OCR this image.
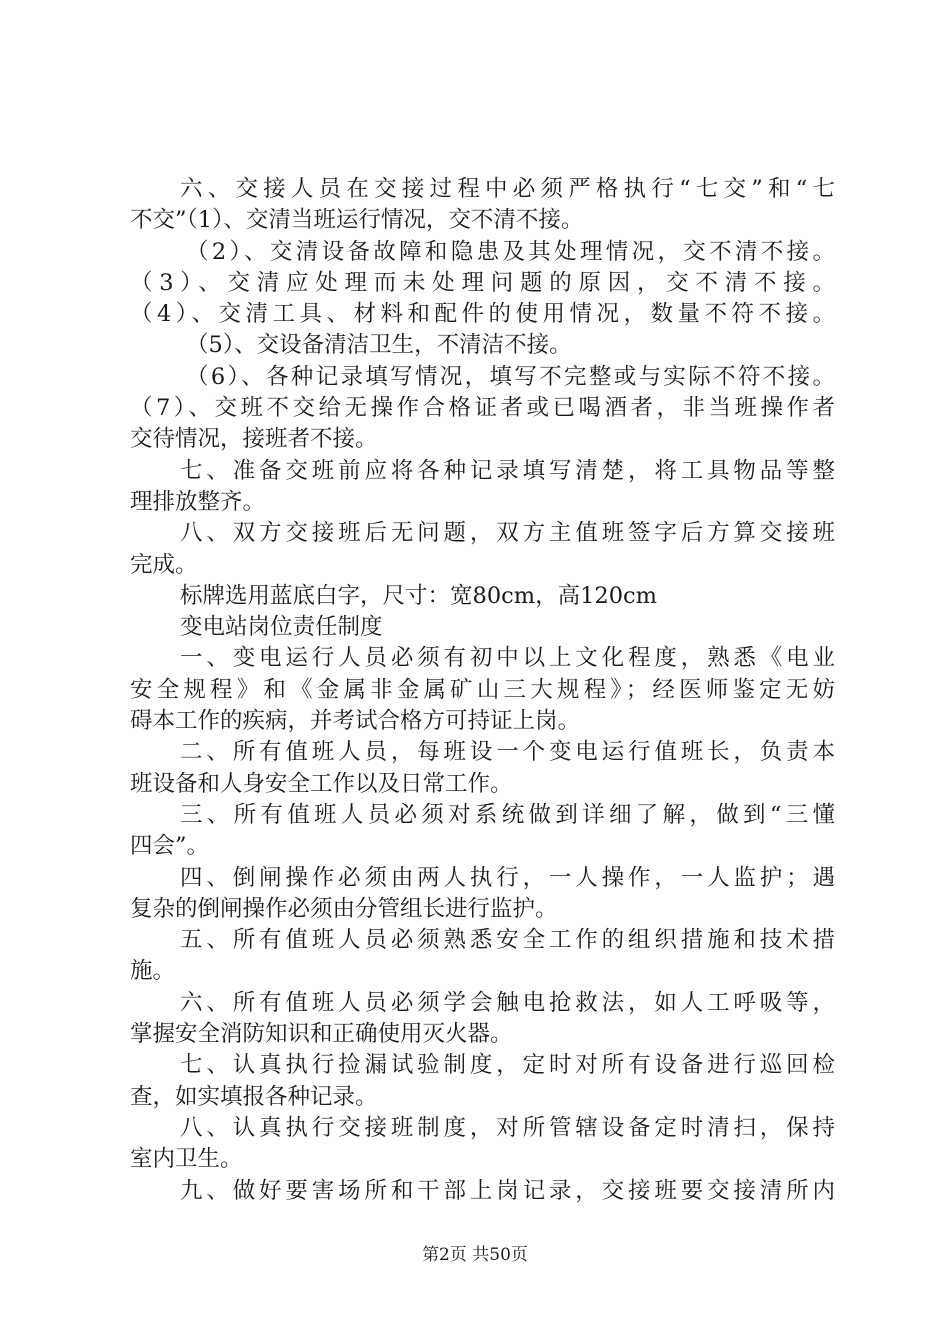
六、交接人员在交接过程中必须严格执行“七交”和“七
不交”（1）、交清当班运行情况，交不清不接。
（2）、交清设备故障和隐患及其处理情况，交不清不接。
（3）、交清应处理而未处理问题的原因，交不清不接。
（4）、交清工具、材料和配件的使用情况，数量不符不接。
（5）、交设备清洁卫生，不清洁不接。
（6）、各种记录填写情况，填写不完整或与实际不符不接。
（7）、交班不交给无操作合格证者或已喝酒者，非当班操作者
交待情况，接班者不接。
七、准备交班前应将各种记录填写清楚，将工具物品等整
理排放整齐。
八、双方交接班后无问题，双方主值班签字后方算交接班
完成。
标牌选用蓝底白字，尺寸：宽80cm，高120cm
变电站岗位责任制度
一、变电运行人员必须有初中以上文化程度，熟悉《电业
安全规程》和《金属非金属矿山三大规程》；经医师鉴定无妨
碍本工作的疾病，并考试合格方可持证上岗。
二、所有值班人员，每班设一个变电运行值班长，负责本
班设备和人身安全工作以及日常工作。
三、所有值班人员必须对系统做到详细了解，做到“三懂
四会”。
四、倒闸操作必须由两人执行，一人操作，一人监护；遇
复杂的倒闸操作必须由分管组长进行监护。
五、所有值班人员必须熟悉安全工作的组织措施和技术措
施。
六、所有值班人员必须学会触电抢救法，如人工呼吸等，
掌握安全消防知识和正确使用灭火器。
七、认真执行捡漏试验制度，定时对所有设备进行巡回检
查，如实填报各种记录。
八、认真执行交接班制度，对所管辖设备定时清扫，保持
室内卫生。
九、做好要害场所和干部上岗记录，交接班要交接清所内
第2页 共50页
